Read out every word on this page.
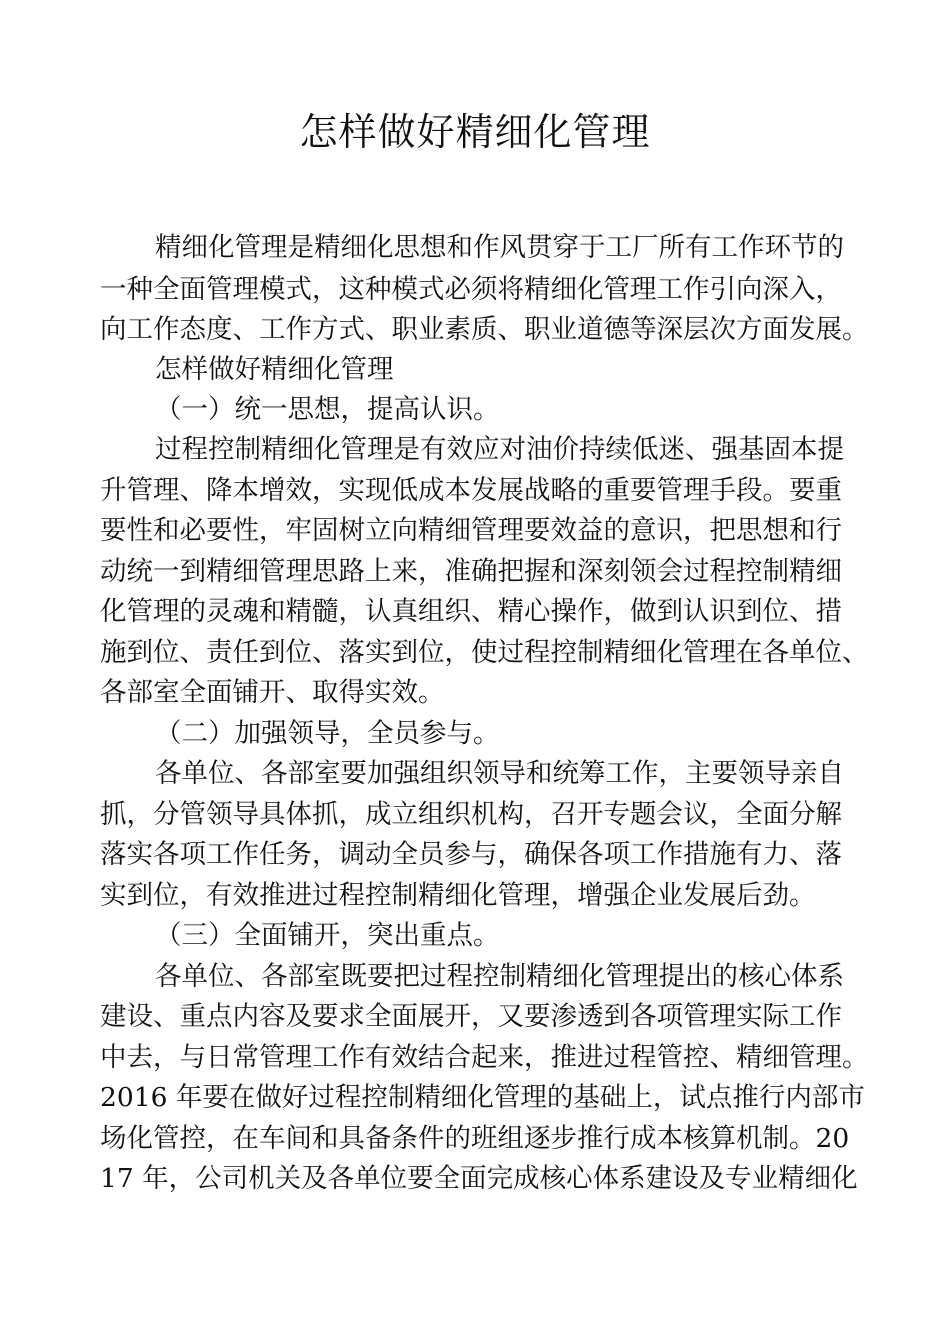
怎样做好精细化管理
精细化管理是精细化思想和作风贯穿于工厂所有工作环节的
一种全面管理模式，这种模式必须将精细化管理工作引向深入，
向工作态度、工作方式、职业素质、职业道德等深层次方面发展。
怎样做好精细化管理
（一）统一思想，提高认识。
过程控制精细化管理是有效应对油价持续低迷、强基固本提
升管理、降本增效，实现低成本发展战略的重要管理手段。要重
要性和必要性，牢固树立向精细管理要效益的意识，把思想和行
动统一到精细管理思路上来，准确把握和深刻领会过程控制精细
化管理的灵魂和精髓，认真组织、精心操作，做到认识到位、措
施到位、责任到位、落实到位，使过程控制精细化管理在各单位、
各部室全面铺开、取得实效。
（二）加强领导，全员参与。
各单位、各部室要加强组织领导和统筹工作，主要领导亲自
抓，分管领导具体抓，成立组织机构，召开专题会议，全面分解
落实各项工作任务，调动全员参与，确保各项工作措施有力、落
实到位，有效推进过程控制精细化管理，增强企业发展后劲。
（三）全面铺开，突出重点。
各单位、各部室既要把过程控制精细化管理提出的核心体系
建设、重点内容及要求全面展开，又要渗透到各项管理实际工作
中去，与日常管理工作有效结合起来，推进过程管控、精细管理。
2016 年要在做好过程控制精细化管理的基础上，试点推行内部市
场化管控，在车间和具备条件的班组逐步推行成本核算机制。20
17 年，公司机关及各单位要全面完成核心体系建设及专业精细化
